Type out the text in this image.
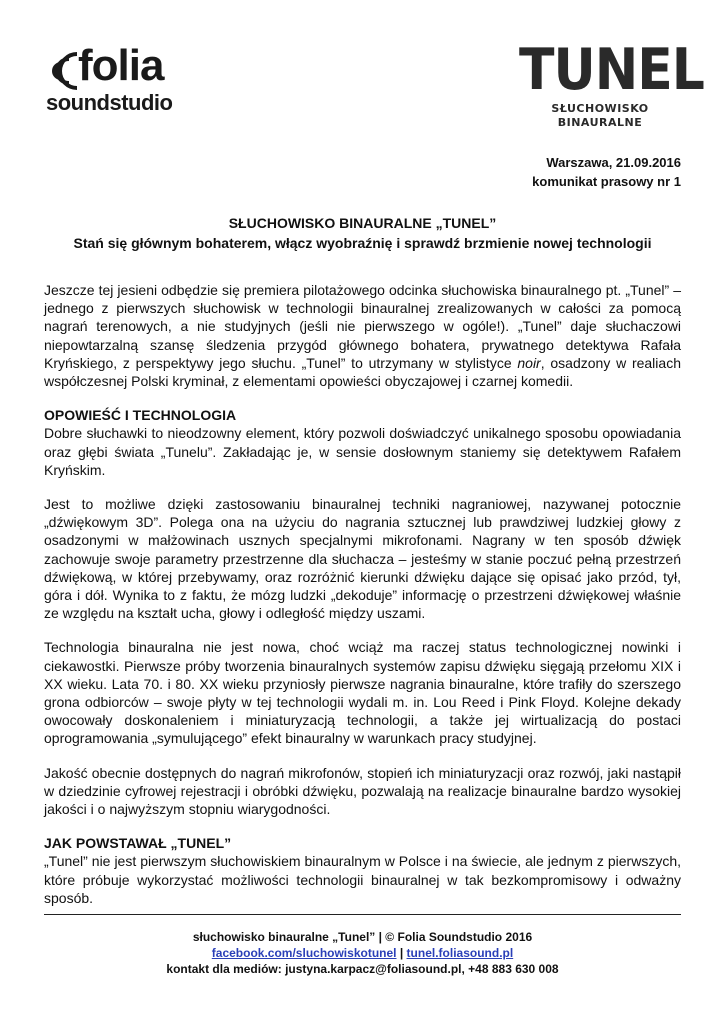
folia
soundstudio	TUNEL
SŁUCHOWISKO BINAURALNE
Warszawa, 21.09.2016
komunikat prasowy nr 1
SŁUCHOWISKO BINAURALNE „TUNEL”
Stań się głównym bohaterem, włącz wyobraźnię i sprawdź brzmienie nowej technologii

Jeszcze tej jesieni odbędzie się premiera pilotażowego odcinka słuchowiska binauralnego pt. „Tunel” – jednego z pierwszych słuchowisk w technologii binauralnej zrealizowanych w całości za pomocą nagrań terenowych, a nie studyjnych (jeśli nie pierwszego w ogóle!). „Tunel” daje słuchaczowi niepowtarzalną szansę śledzenia przygód głównego bohatera, prywatnego detektywa Rafała Kryńskiego, z perspektywy jego słuchu. „Tunel” to utrzymany w stylistyce noir, osadzony w realiach współczesnej Polski kryminał, z elementami opowieści obyczajowej i czarnej komedii.

OPOWIEŚĆ I TECHNOLOGIA

Dobre słuchawki to nieodzowny element, który pozwoli doświadczyć unikalnego sposobu opowiadania oraz głębi świata „Tunelu”. Zakładając je, w sensie dosłownym staniemy się detektywem Rafałem Kryńskim.

Jest to możliwe dzięki zastosowaniu binauralnej techniki nagraniowej, nazywanej potocznie „dźwiękowym 3D”. Polega ona na użyciu do nagrania sztucznej lub prawdziwej ludzkiej głowy z osadzonymi w małżowinach usznych specjalnymi mikrofonami. Nagrany w ten sposób dźwięk zachowuje swoje parametry przestrzenne dla słuchacza – jesteśmy w stanie poczuć pełną przestrzeń dźwiękową, w której przebywamy, oraz rozróżnić kierunki dźwięku dające się opisać jako przód, tył, góra i dół. Wynika to z faktu, że mózg ludzki „dekoduje” informację o przestrzeni dźwiękowej właśnie ze względu na kształt ucha, głowy i odległość między uszami.

Technologia binauralna nie jest nowa, choć wciąż ma raczej status technologicznej nowinki i ciekawostki. Pierwsze próby tworzenia binauralnych systemów zapisu dźwięku sięgają przełomu XIX i XX wieku. Lata 70. i 80. XX wieku przyniosły pierwsze nagrania binauralne, które trafiły do szerszego grona odbiorców – swoje płyty w tej technologii wydali m. in. Lou Reed i Pink Floyd. Kolejne dekady owocowały doskonaleniem i miniaturyzacją technologii, a także jej wirtualizacją do postaci oprogramowania „symulującego” efekt binauralny w warunkach pracy studyjnej.

Jakość obecnie dostępnych do nagrań mikrofonów, stopień ich miniaturyzacji oraz rozwój, jaki nastąpił w dziedzinie cyfrowej rejestracji i obróbki dźwięku, pozwalają na realizacje binauralne bardzo wysokiej jakości i o najwyższym stopniu wiarygodności.

JAK POWSTAWAŁ „TUNEL”

„Tunel” nie jest pierwszym słuchowiskiem binauralnym w Polsce i na świecie, ale jednym z pierwszych, które próbuje wykorzystać możliwości technologii binauralnej w tak bezkompromisowy i odważny sposób.

słuchowisko binauralne „Tunel” | © Folia Soundstudio 2016
facebook.com/sluchowiskotunel | tunel.foliasound.pl
kontakt dla mediów: justyna.karpacz@foliasound.pl, +48 883 630 008
